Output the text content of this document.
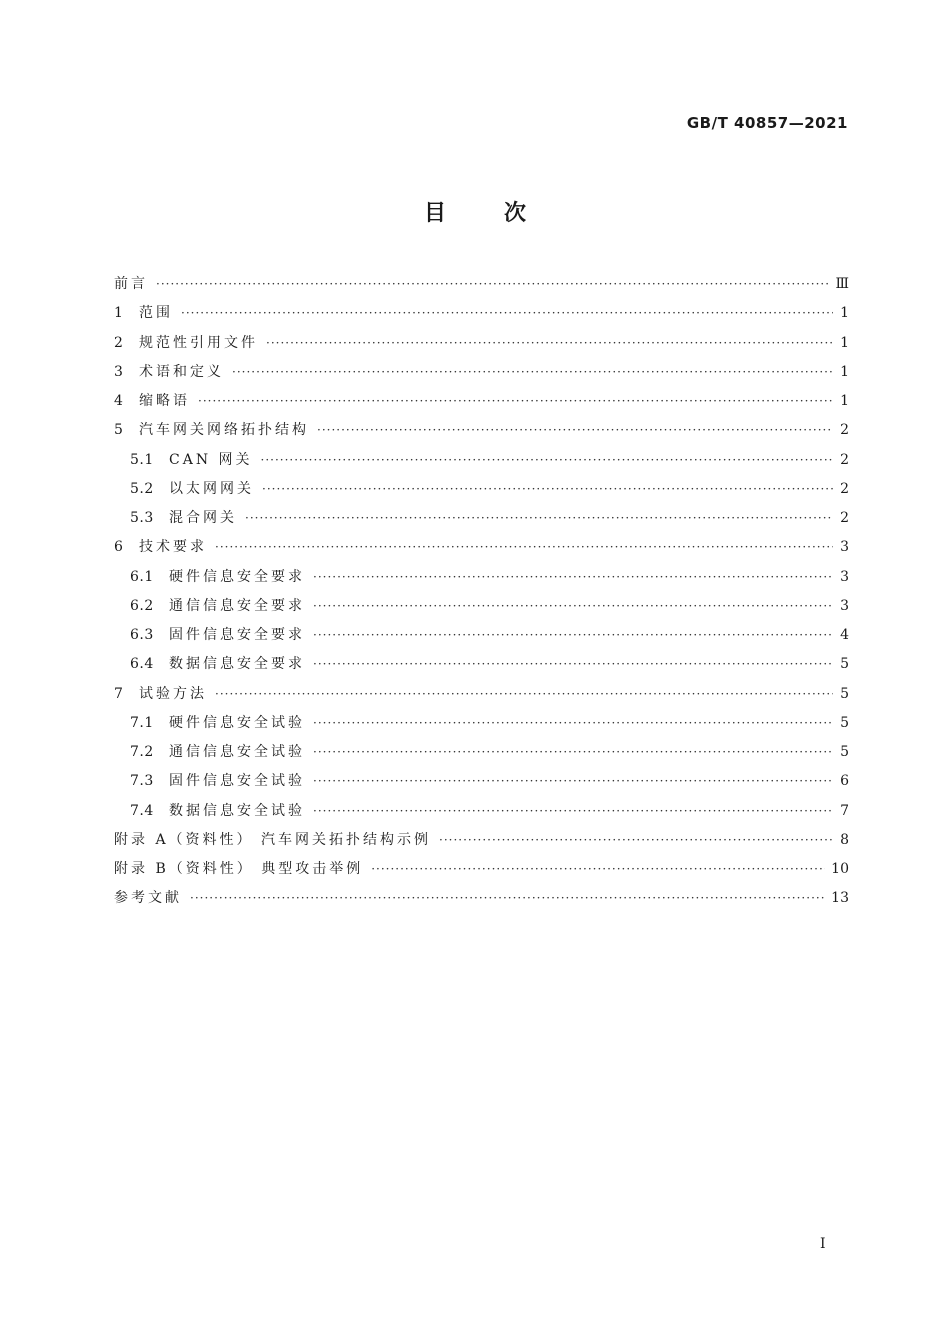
GB/T 40857—2021
目次
前言 ·····	Ⅲ
1	范围 ·····	1
2	规范性引用文件 ·····	1
3	术语和定义 ·····	1
4	缩略语 ·····	1
5	汽车网关网络拓扑结构 ·····	2
5.1	CAN 网关 ·····	2
5.2	以太网网关 ·····	2
5.3	混合网关 ·····	2
6	技术要求 ·····	3
6.1	硬件信息安全要求 ·····	3
6.2	通信信息安全要求 ·····	3
6.3	固件信息安全要求 ·····	4
6.4	数据信息安全要求 ·····	5
7	试验方法 ·····	5
7.1	硬件信息安全试验 ·····	5
7.2	通信信息安全试验 ·····	5
7.3	固件信息安全试验 ·····	6
7.4	数据信息安全试验 ·····	7
附录 A（资料性） 汽车网关拓扑结构示例 ·····	8
附录 B（资料性） 典型攻击举例 ·····	10
参考文献 ·····	13
I
